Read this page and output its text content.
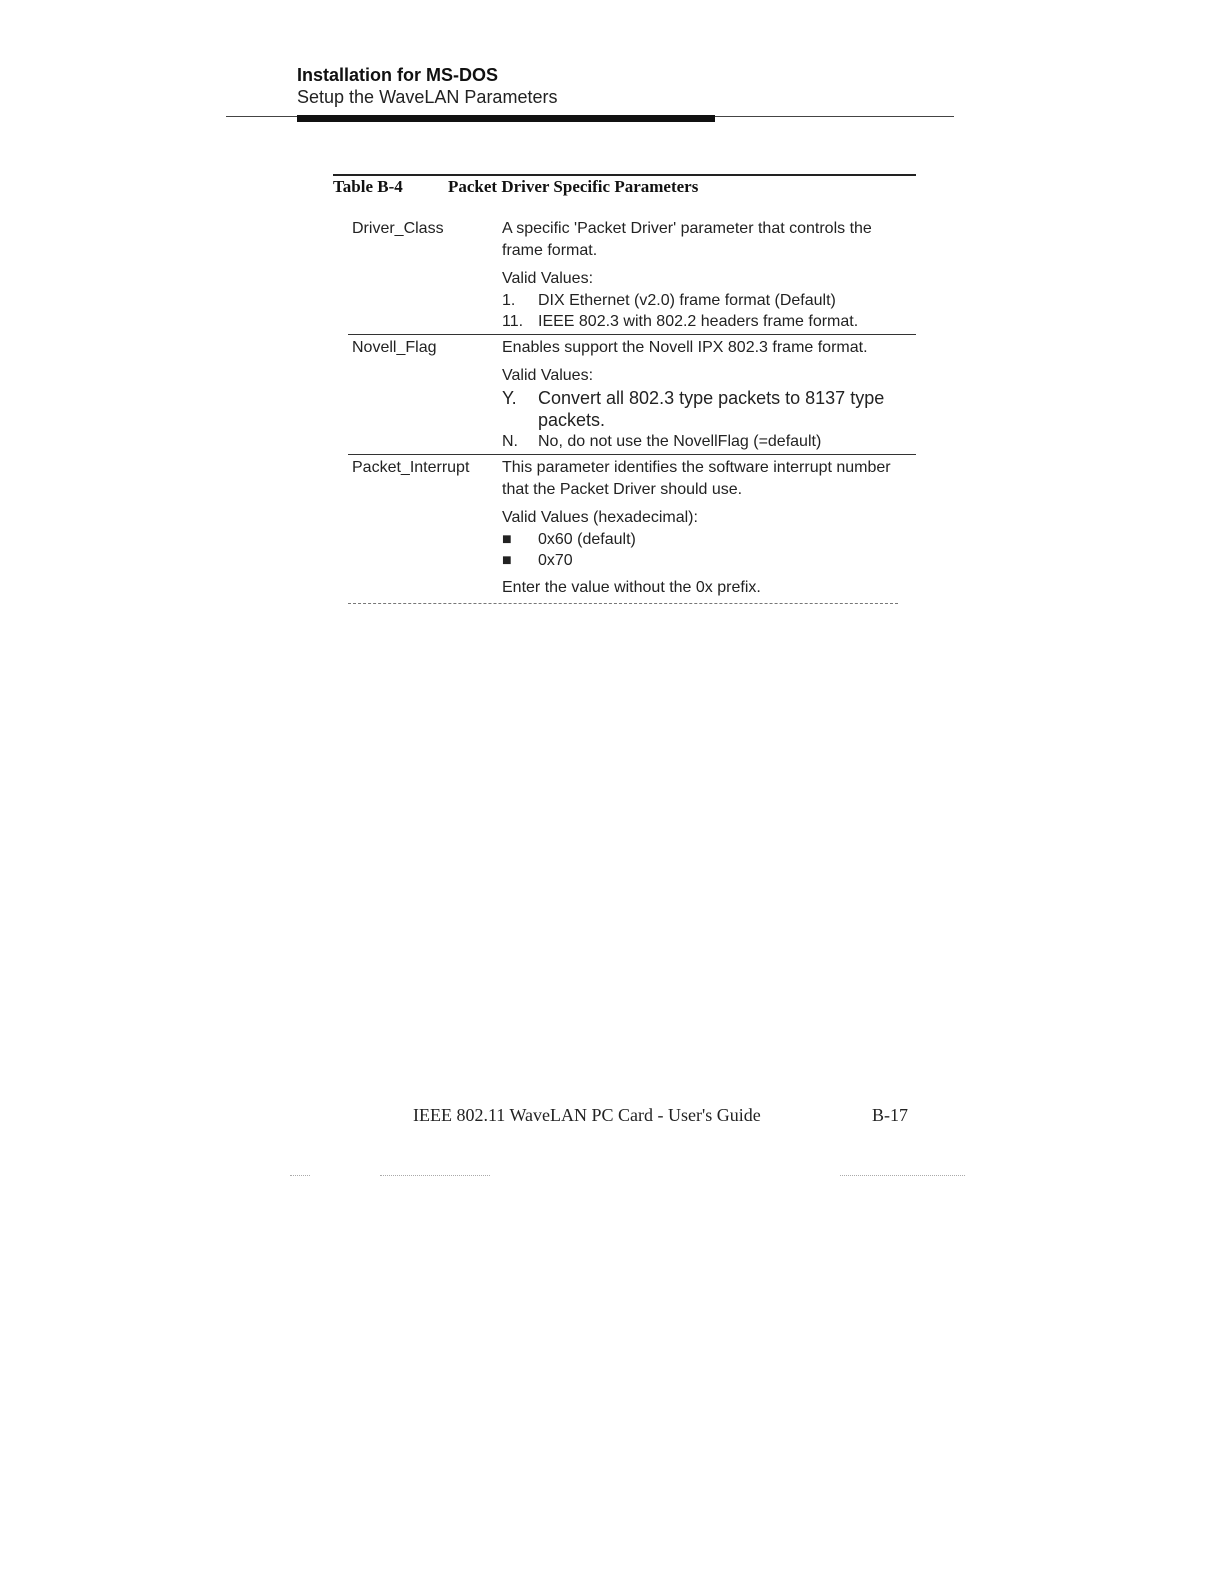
Installation for MS-DOS
Setup the WaveLAN Parameters
Table B-4	Packet Driver Specific Parameters
Driver_Class	A specific 'Packet Driver' parameter that controls the frame format.

Valid Values:
1.	DIX Ethernet (v2.0) frame format (Default)
11. IEEE 802.3 with 802.2 headers frame format.
Novell_Flag	Enables support the Novell IPX 802.3 frame format.

Valid Values:
Y.	Convert all 802.3 type packets to 8137 type packets.
N.	No, do not use the NovellFlag (=default)
Packet_Interrupt	This parameter identifies the software interrupt number that the Packet Driver should use.

Valid Values (hexadecimal):
■	0x60 (default)
■	0x70
Enter the value without the 0x prefix.
IEEE 802.11 WaveLAN PC Card - User's Guide	B-17
